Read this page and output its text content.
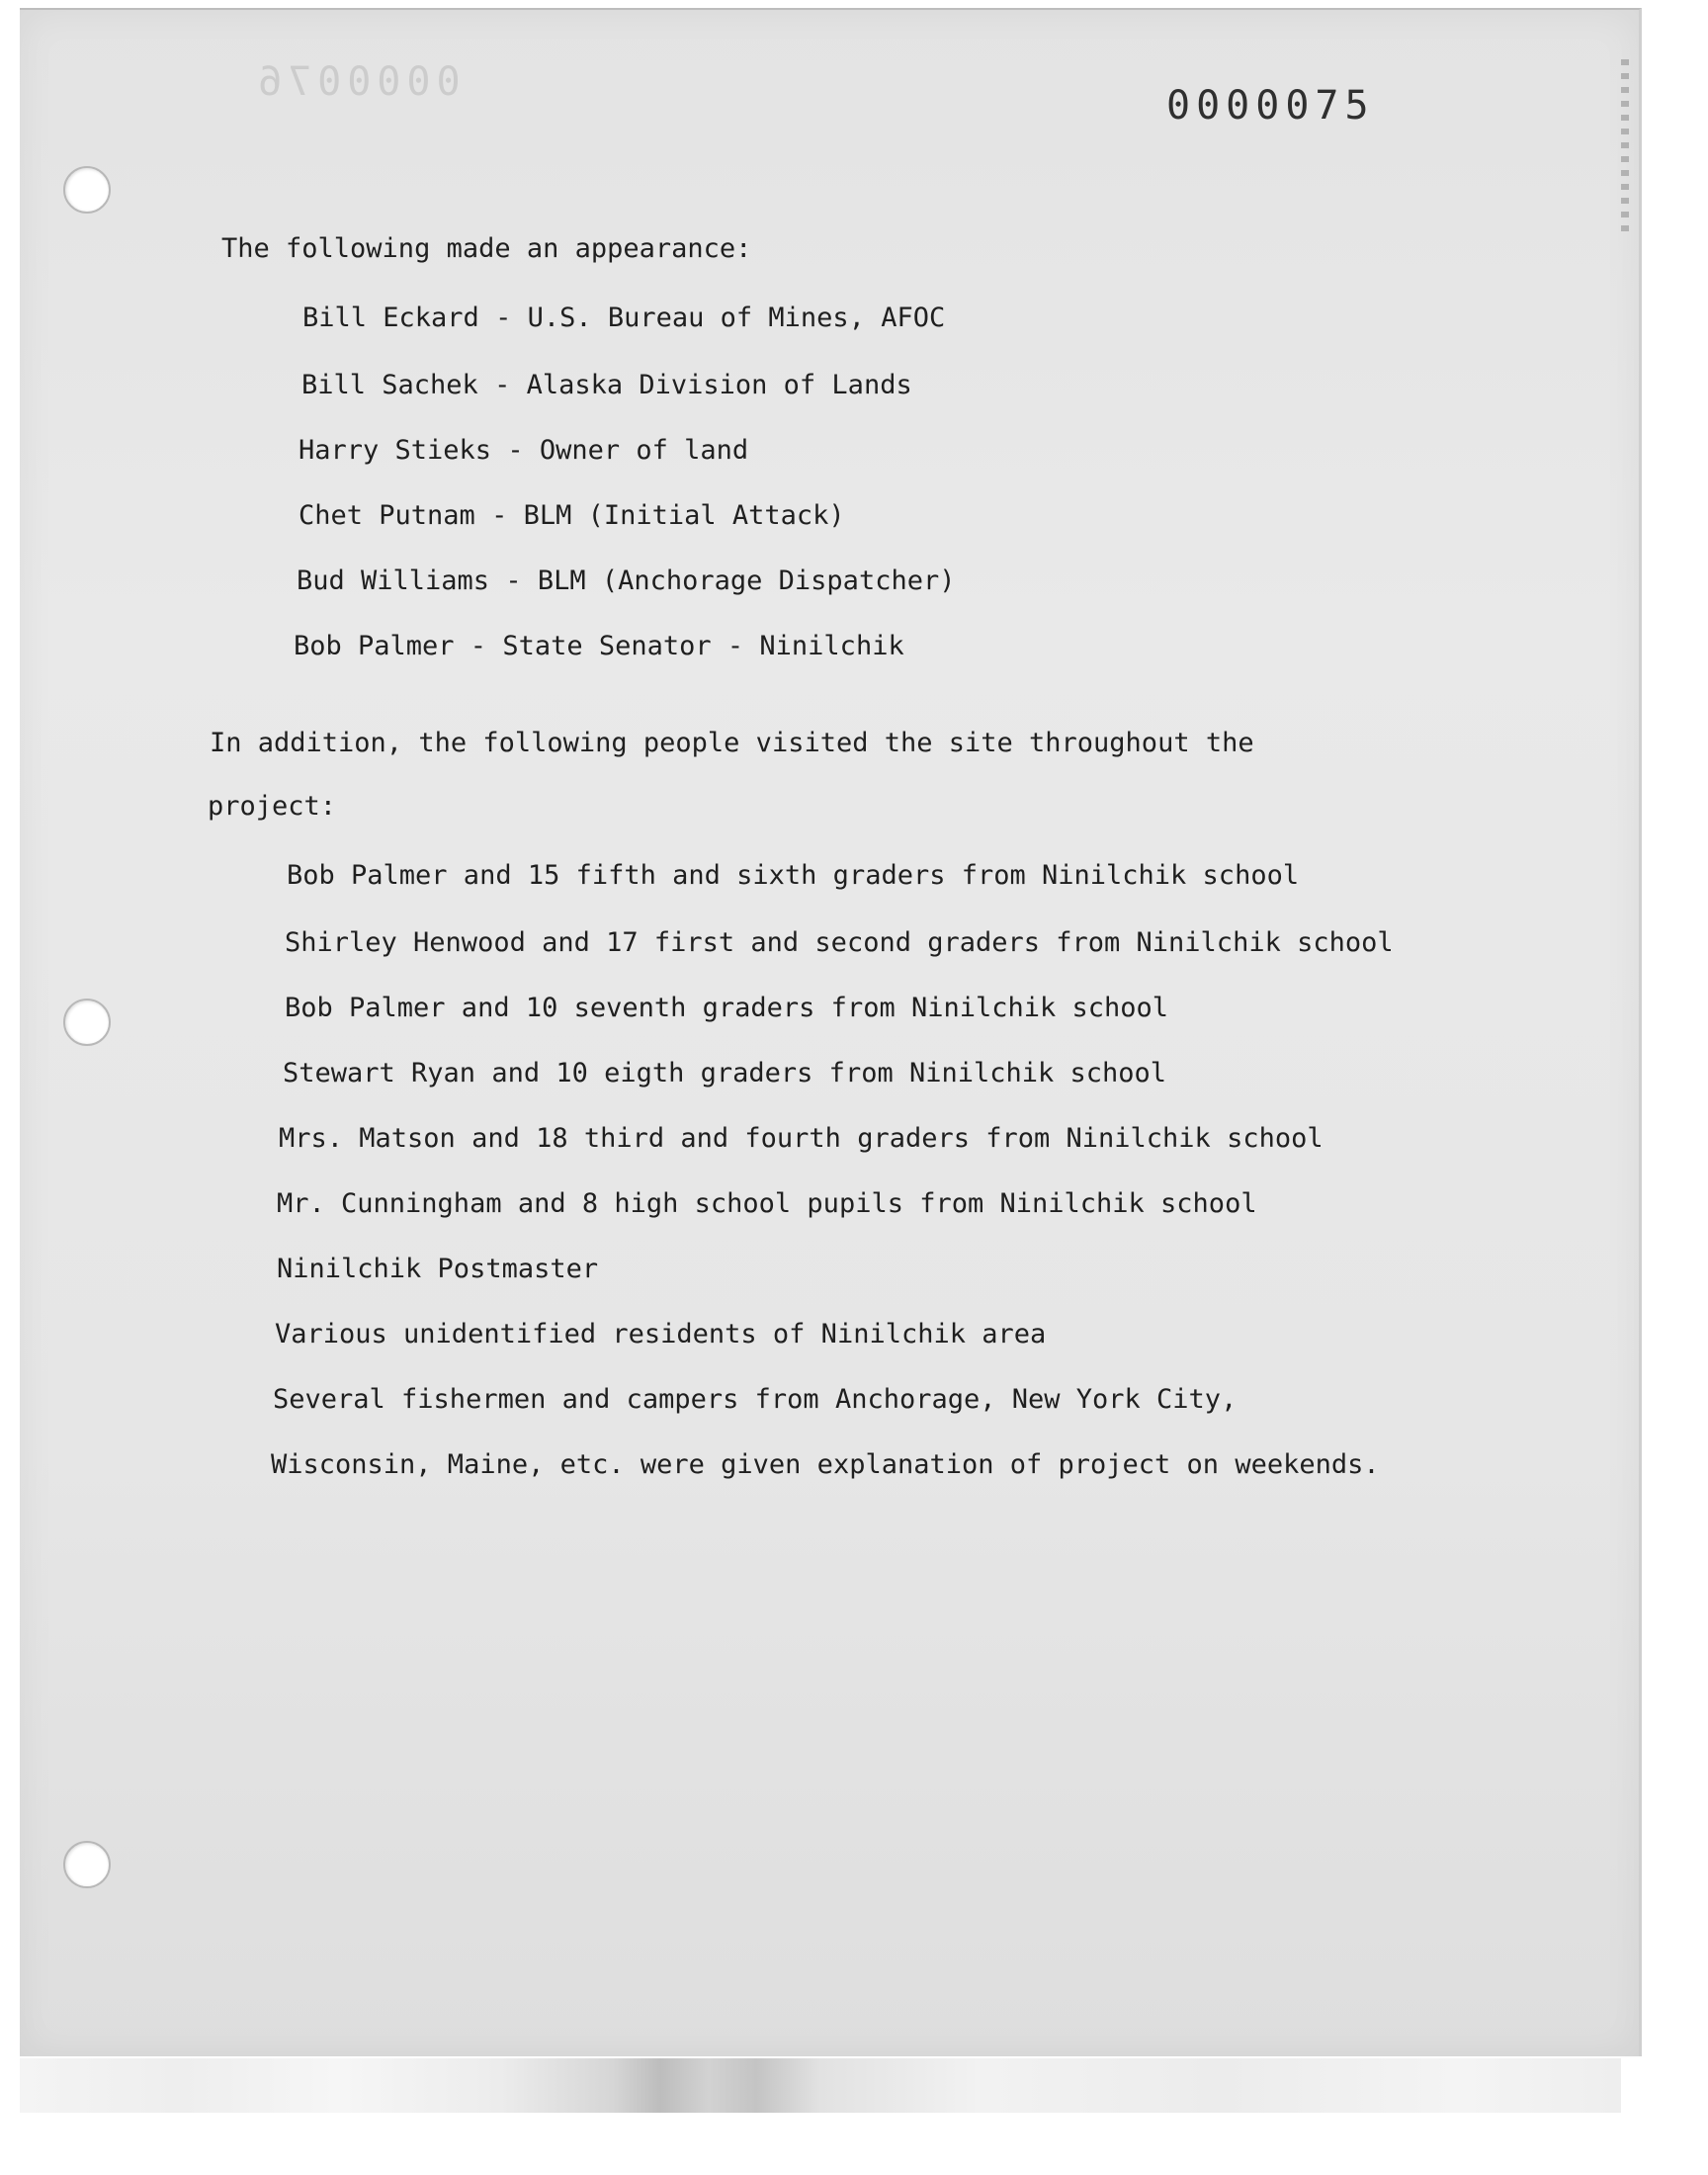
0000076
0000075
The following made an appearance:
Bill Eckard - U.S. Bureau of Mines, AFOC
Bill Sachek - Alaska Division of Lands
Harry Stieks - Owner of land
Chet Putnam - BLM (Initial Attack)
Bud Williams - BLM (Anchorage Dispatcher)
Bob Palmer - State Senator - Ninilchik
In addition, the following people visited the site throughout the
project:
Bob Palmer and 15 fifth and sixth graders from Ninilchik school
Shirley Henwood and 17 first and second graders from Ninilchik school
Bob Palmer and 10 seventh graders from Ninilchik school
Stewart Ryan and 10 eigth graders from Ninilchik school
Mrs. Matson and 18 third and fourth graders from Ninilchik school
Mr. Cunningham and 8 high school pupils from Ninilchik school
Ninilchik Postmaster
Various unidentified residents of Ninilchik area
Several fishermen and campers from Anchorage, New York City,
Wisconsin, Maine, etc. were given explanation of project on weekends.
